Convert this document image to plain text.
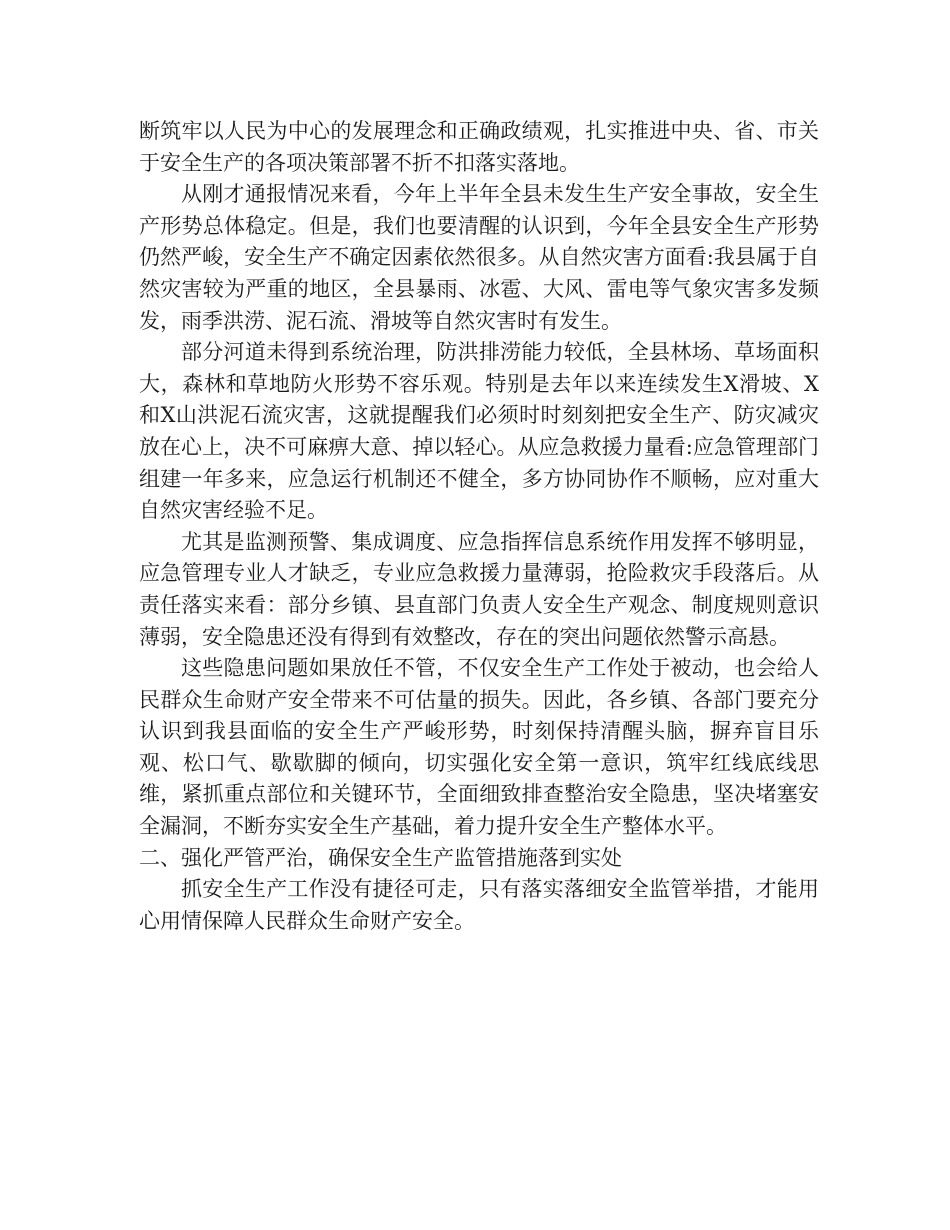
断筑牢以人民为中心的发展理念和正确政绩观，扎实推进中央、省、市关于安全生产的各项决策部署不折不扣落实落地。

从刚才通报情况来看，今年上半年全县未发生生产安全事故，安全生产形势总体稳定。但是，我们也要清醒的认识到，今年全县安全生产形势仍然严峻，安全生产不确定因素依然很多。从自然灾害方面看:我县属于自然灾害较为严重的地区，全县暴雨、冰雹、大风、雷电等气象灾害多发频发，雨季洪涝、泥石流、滑坡等自然灾害时有发生。

部分河道未得到系统治理，防洪排涝能力较低，全县林场、草场面积大，森林和草地防火形势不容乐观。特别是去年以来连续发生X滑坡、X和X山洪泥石流灾害，这就提醒我们必须时时刻刻把安全生产、防灾减灾放在心上，决不可麻痹大意、掉以轻心。从应急救援力量看:应急管理部门组建一年多来，应急运行机制还不健全，多方协同协作不顺畅，应对重大自然灾害经验不足。

尤其是监测预警、集成调度、应急指挥信息系统作用发挥不够明显，应急管理专业人才缺乏，专业应急救援力量薄弱，抢险救灾手段落后。从责任落实来看：部分乡镇、县直部门负责人安全生产观念、制度规则意识薄弱，安全隐患还没有得到有效整改，存在的突出问题依然警示高悬。

这些隐患问题如果放任不管，不仅安全生产工作处于被动，也会给人民群众生命财产安全带来不可估量的损失。因此，各乡镇、各部门要充分认识到我县面临的安全生产严峻形势，时刻保持清醒头脑，摒弃盲目乐观、松口气、歇歇脚的倾向，切实强化安全第一意识，筑牢红线底线思维，紧抓重点部位和关键环节，全面细致排查整治安全隐患，坚决堵塞安全漏洞，不断夯实安全生产基础，着力提升安全生产整体水平。

二、强化严管严治，确保安全生产监管措施落到实处

抓安全生产工作没有捷径可走，只有落实落细安全监管举措，才能用心用情保障人民群众生命财产安全。
